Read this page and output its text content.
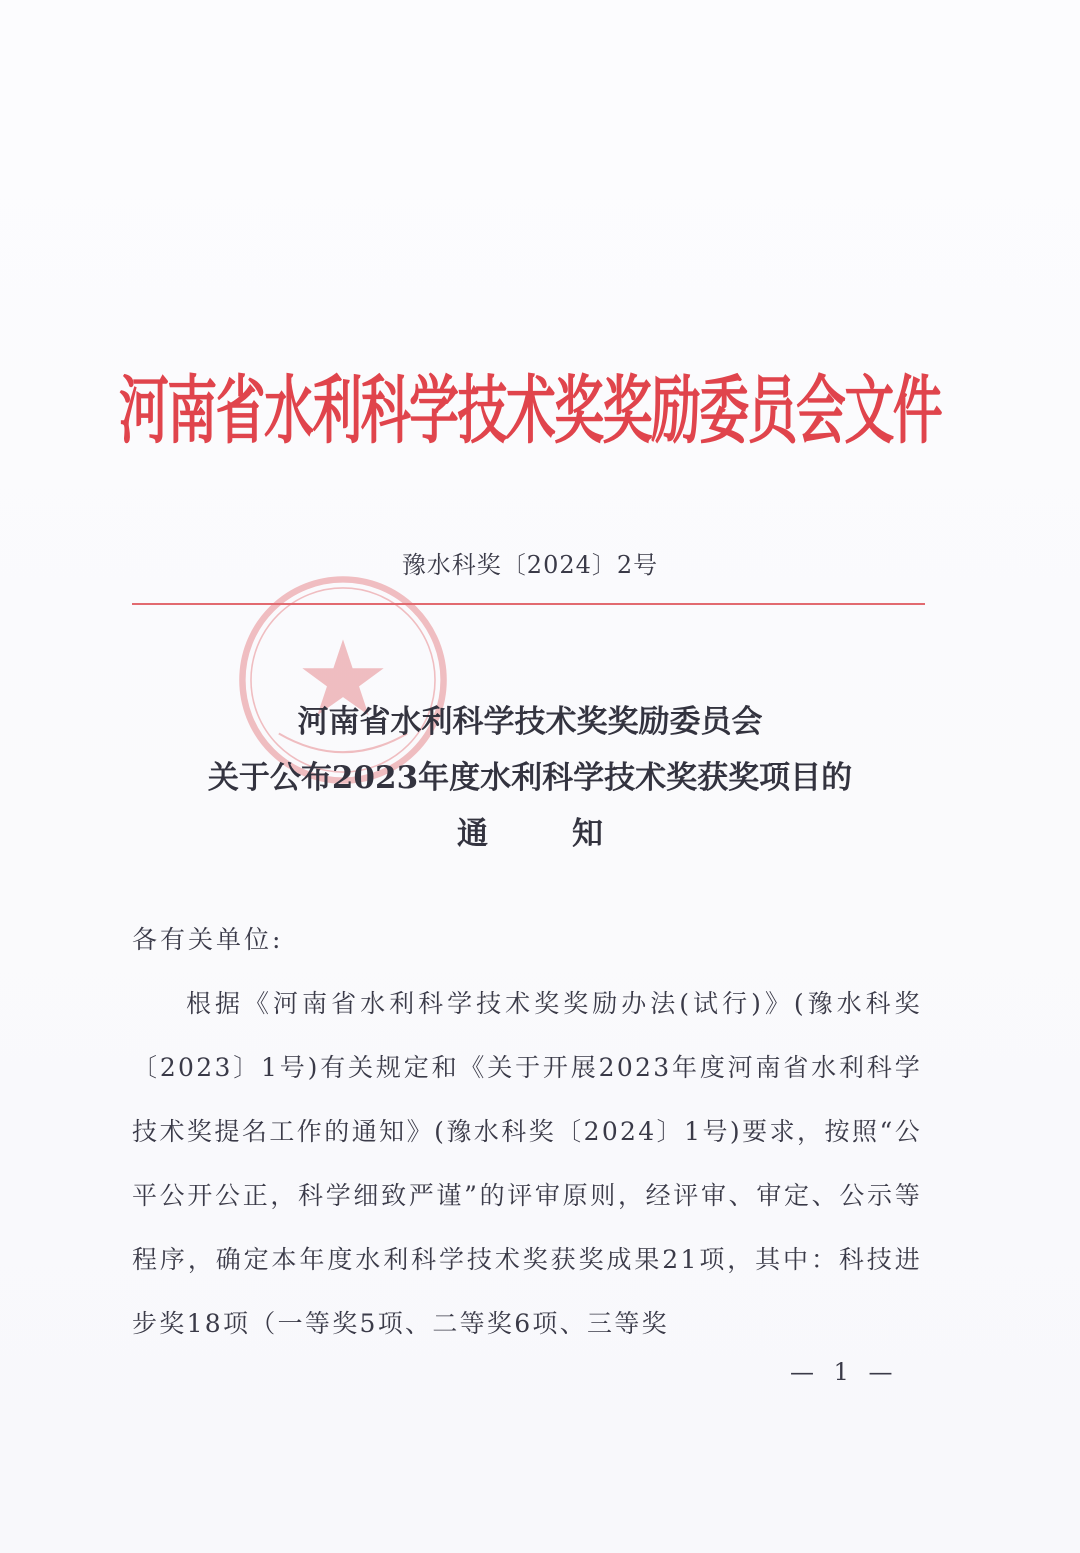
河南省水利科学技术奖奖励委员会文件
豫水科奖〔2024〕2号
河南省水利科学技术奖奖励委员会
关于公布2023年度水利科学技术奖获奖项目的
通知
各有关单位:
根据《河南省水利科学技术奖奖励办法(试行)》(豫水科奖〔2023〕1号)有关规定和《关于开展2023年度河南省水利科学技术奖提名工作的通知》(豫水科奖〔2024〕1号)要求，按照“公平公开公正，科学细致严谨”的评审原则，经评审、审定、公示等程序，确定本年度水利科学技术奖获奖成果21项，其中：科技进步奖18项（一等奖5项、二等奖6项、三等奖
— 1 —
